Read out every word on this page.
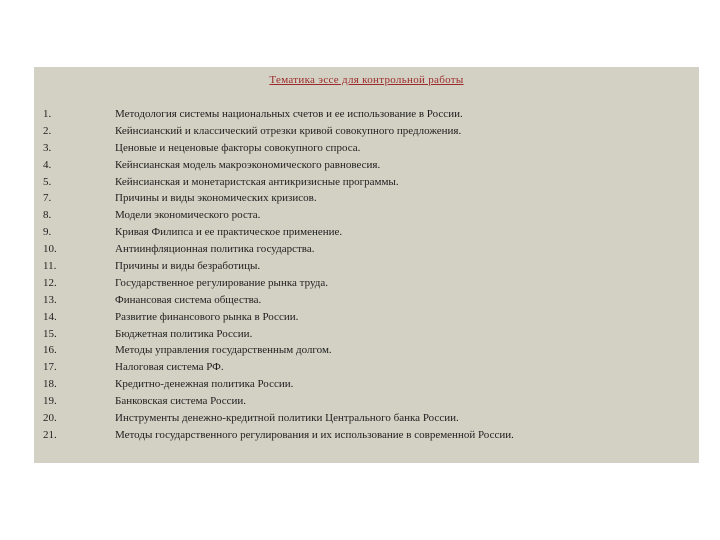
Тематика эссе для контрольной работы
1.	Методология системы национальных счетов и ее использование в России.
2.	Кейнсианский и классический отрезки кривой совокупного предложения.
3.	Ценовые и неценовые факторы совокупного спроса.
4.	Кейнсианская модель макроэкономического равновесия.
5.	Кейнсианская и монетаристская антикризисные программы.
7.	Причины и виды экономических кризисов.
8.	Модели экономического роста.
9.	Кривая Филипса и ее практическое применение.
10.	Антиинфляционная политика государства.
11.	Причины и виды безработицы.
12.	Государственное регулирование рынка труда.
13.	Финансовая система общества.
14.	Развитие финансового рынка в России.
15.	Бюджетная политика России.
16.	Методы управления государственным долгом.
17.	Налоговая система РФ.
18.	Кредитно-денежная политика России.
19.	Банковская система России.
20.	Инструменты денежно-кредитной политики Центрального банка России.
21.	Методы государственного регулирования и их использование в современной России.
